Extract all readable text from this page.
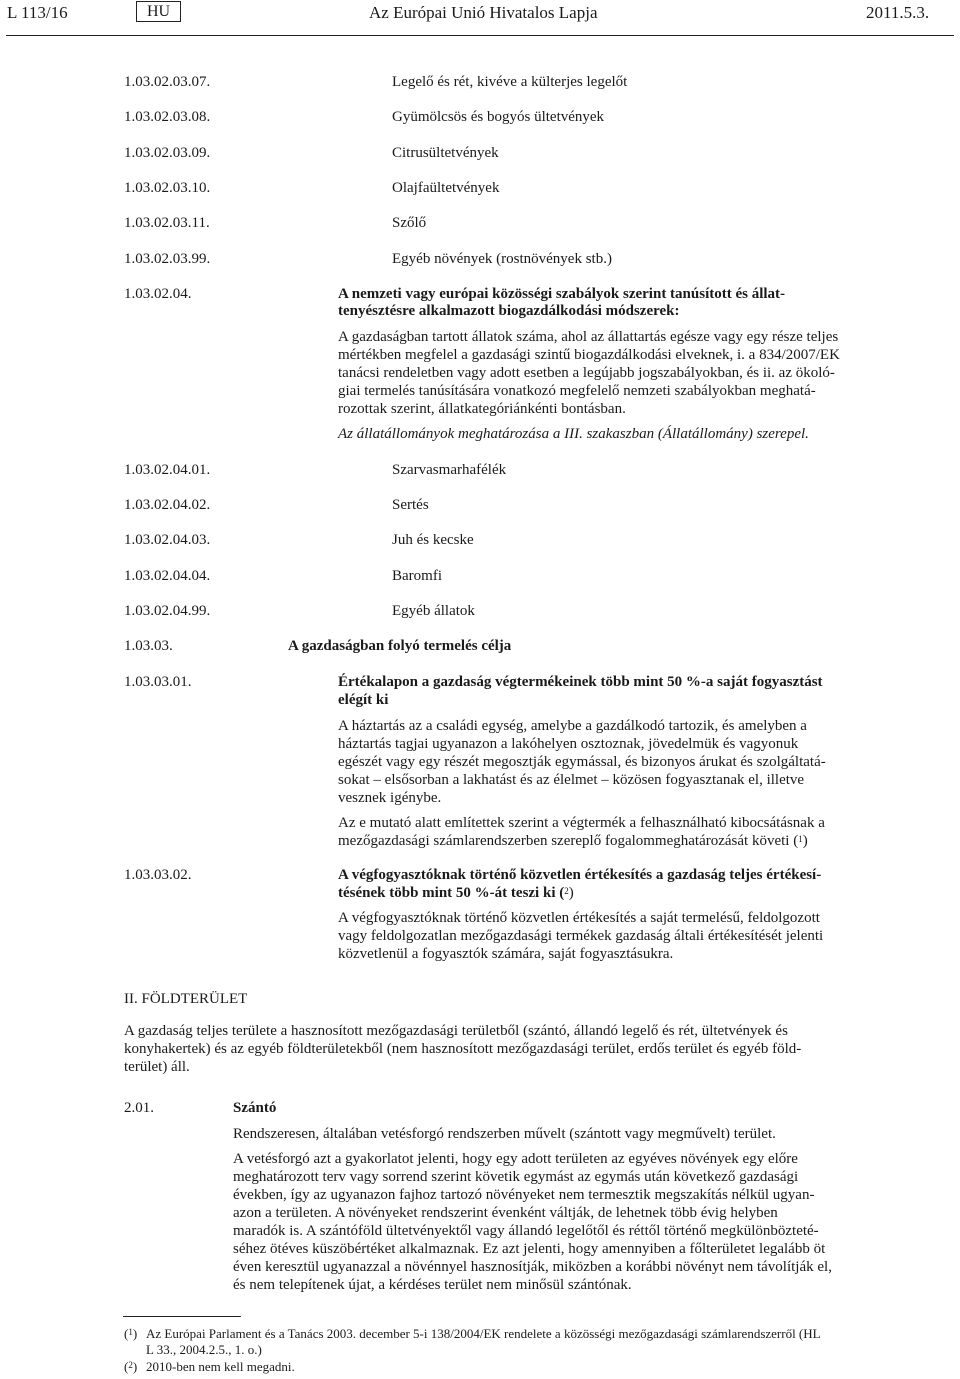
L 113/16	HU	Az Európai Unió Hivatalos Lapja	2011.5.3.
1.03.02.03.07.	Legelő és rét, kivéve a külterjes legelőt
1.03.02.03.08.	Gyümölcsös és bogyós ültetvények
1.03.02.03.09.	Citrusültetvények
1.03.02.03.10.	Olajfaültetvények
1.03.02.03.11.	Szőlő
1.03.02.03.99.	Egyéb növények (rostnövények stb.)
1.03.02.04.	A nemzeti vagy európai közösségi szabályok szerint tanúsított és állat-
tenyésztésre alkalmazott biogazdálkodási módszerek:
A gazdaságban tartott állatok száma, ahol az állattartás egésze vagy egy része teljes
mértékben megfelel a gazdasági szintű biogazdálkodási elveknek, i. a 834/2007/EK
tanácsi rendeletben vagy adott esetben a legújabb jogszabályokban, és ii. az ökoló-
giai termelés tanúsítására vonatkozó megfelelő nemzeti szabályokban meghatá-
rozottak szerint, állatkategóriánkénti bontásban.
Az állatállományok meghatározása a III. szakaszban (Állatállomány) szerepel.
1.03.02.04.01.	Szarvasmarhafélék
1.03.02.04.02.	Sertés
1.03.02.04.03.	Juh és kecske
1.03.02.04.04.	Baromfi
1.03.02.04.99.	Egyéb állatok
1.03.03.	A gazdaságban folyó termelés célja
1.03.03.01.	Értékalapon a gazdaság végtermékeinek több mint 50 %-a saját fogyasztást
elégít ki
A háztartás az a családi egység, amelybe a gazdálkodó tartozik, és amelyben a
háztartás tagjai ugyanazon a lakóhelyen osztoznak, jövedelmük és vagyonuk
egészét vagy egy részét megosztják egymással, és bizonyos árukat és szolgáltatá-
sokat – elsősorban a lakhatást és az élelmet – közösen fogyasztanak el, illetve
vesznek igénybe.
Az e mutató alatt említettek szerint a végtermék a felhasználható kibocsátásnak a
mezőgazdasági számlarendszerben szereplő fogalommeghatározását követi ($^1$)
1.03.03.02.	A végfogyasztóknak történő közvetlen értékesítés a gazdaság teljes értékesí-
tésének több mint 50 %-át teszi ki ($^2$)
A végfogyasztóknak történő közvetlen értékesítés a saját termelésű, feldolgozott
vagy feldolgozatlan mezőgazdasági termékek gazdaság általi értékesítését jelenti
közvetlenül a fogyasztók számára, saját fogyasztásukra.
II. FÖLDTERÜLET
A gazdaság teljes területe a hasznosított mezőgazdasági területből (szántó, állandó legelő és rét, ültetvények és
konyhakertek) és az egyéb földterületekből (nem hasznosított mezőgazdasági terület, erdős terület és egyéb föld-
terület) áll.
2.01.	Szántó
Rendszeresen, általában vetésforgó rendszerben művelt (szántott vagy megművelt) terület.
A vetésforgó azt a gyakorlatot jelenti, hogy egy adott területen az egyéves növények egy előre
meghatározott terv vagy sorrend szerint követik egymást az egymás után következő gazdasági
években, így az ugyanazon fajhoz tartozó növényeket nem termesztik megszakítás nélkül ugyan-
azon a területen. A növényeket rendszerint évenként váltják, de lehetnek több évig helyben
maradók is. A szántóföld ültetvényektől vagy állandó legelőtől és réttől történő megkülönbözteté-
séhez ötéves küszöbértéket alkalmaznak. Ez azt jelenti, hogy amennyiben a főlterületet legalább öt
éven keresztül ugyanazzal a növénnyel hasznosítják, miközben a korábbi növényt nem távolítják el,
és nem telepítenek újat, a kérdéses terület nem minősül szántónak.
($^1$) Az Európai Parlament és a Tanács 2003. december 5-i 138/2004/EK rendelete a közösségi mezőgazdasági számlarendszerről (HL
L 33., 2004.2.5., 1. o.)
($^2$) 2010-ben nem kell megadni.
